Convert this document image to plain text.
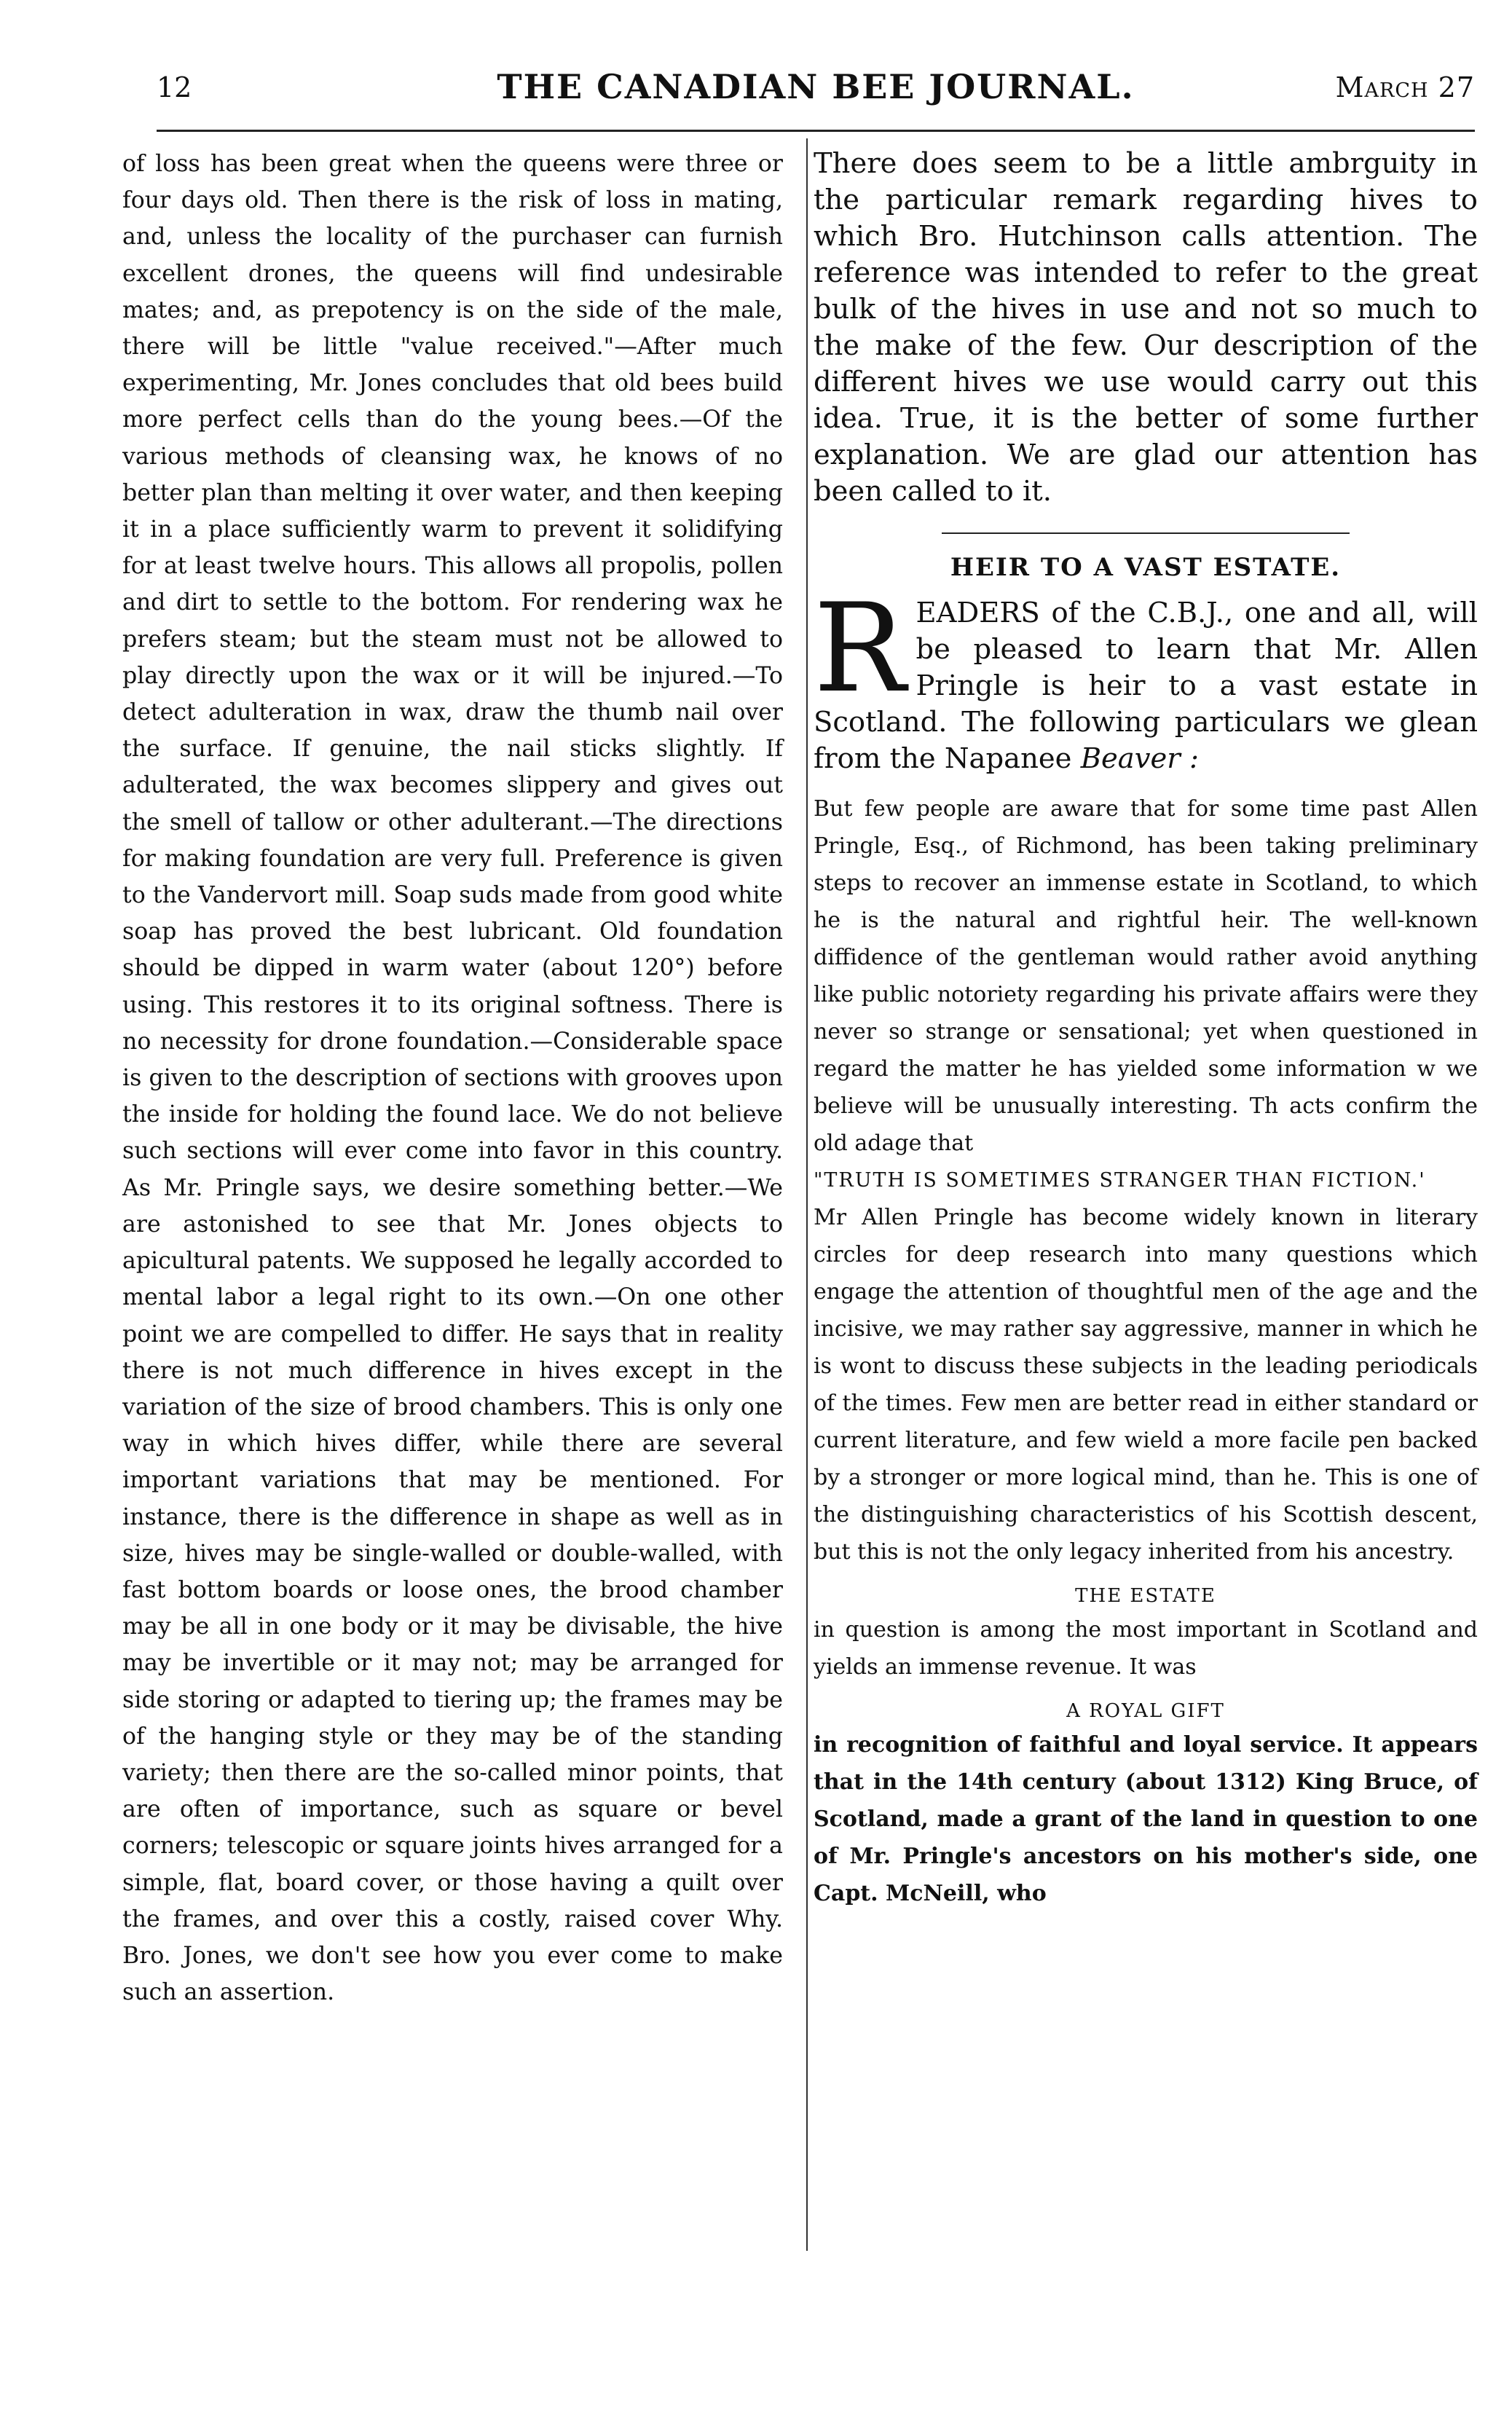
12	THE CANADIAN BEE JOURNAL.	March 27

of loss has been great when the queens were three or four days old. Then there is the risk of loss in mating, and, unless the locality of the purchaser can furnish excellent drones, the queens will find undesirable mates; and, as prepotency is on the side of the male, there will be little "value received."—After much experimenting, Mr. Jones concludes that old bees build more perfect cells than do the young bees.—Of the various methods of cleansing wax, he knows of no better plan than melting it over water, and then keeping it in a place sufficiently warm to prevent it solidifying for at least twelve hours. This allows all propolis, pollen and dirt to settle to the bottom. For rendering wax he prefers steam; but the steam must not be allowed to play directly upon the wax or it will be injured.—To detect adulteration in wax, draw the thumb nail over the surface. If genuine, the nail sticks slightly. If adulterated, the wax becomes slippery and gives out the smell of tallow or other adulterant.—The directions for making foundation are very full. Preference is given to the Vandervort mill. Soap suds made from good white soap has proved the best lubricant. Old foundation should be dipped in warm water (about 120°) before using. This restores it to its original softness. There is no necessity for drone foundation.—Considerable space is given to the description of sections with grooves upon the inside for holding the found lace. We do not believe such sections will ever come into favor in this country. As Mr. Pringle says, we desire something better.—We are astonished to see that Mr. Jones objects to apicultural patents. We supposed he legally accorded to mental labor a legal right to its own.—On one other point we are compelled to differ. He says that in reality there is not much difference in hives except in the variation of the size of brood chambers. This is only one way in which hives differ, while there are several important variations that may be mentioned. For instance, there is the difference in shape as well as in size, hives may be single-walled or double-walled, with fast bottom boards or loose ones, the brood chamber may be all in one body or it may be divisable, the hive may be invertible or it may not; may be arranged for side storing or adapted to tiering up; the frames may be of the hanging style or they may be of the standing variety; then there are the so-called minor points, that are often of importance, such as square or bevel corners; telescopic or square joints hives arranged for a simple, flat, board cover, or those having a quilt over the frames, and over this a costly, raised cover Why. Bro. Jones, we don't see how you ever come to make such an assertion.

There does seem to be a little ambrguity in the particular remark regarding hives to which Bro. Hutchinson calls attention. The reference was intended to refer to the great bulk of the hives in use and not so much to the make of the few. Our description of the different hives we use would carry out this idea. True, it is the better of some further explanation. We are glad our attention has been called to it.

HEIR TO A VAST ESTATE.
R EADERS of the C.B.J., one and all, will be pleased to learn that Mr. Allen Pringle is heir to a vast estate in Scotland. The following particulars we glean from the Napanee Beaver :

But few people are aware that for some time past Allen Pringle, Esq., of Richmond, has been taking preliminary steps to recover an immense estate in Scotland, to which he is the natural and rightful heir. The well-known diffidence of the gentleman would rather avoid anything like public notoriety regarding his private affairs were they never so strange or sensational; yet when questioned in regard the matter he has yielded some information w we believe will be unusually interesting. Th acts confirm the old adage that

"TRUTH IS SOMETIMES STRANGER THAN FICTION.'

Mr Allen Pringle has become widely known in literary circles for deep research into many questions which engage the attention of thoughtful men of the age and the incisive, we may rather say aggressive, manner in which he is wont to discuss these subjects in the leading periodicals of the times. Few men are better read in either standard or current literature, and few wield a more facile pen backed by a stronger or more logical mind, than he. This is one of the distinguishing characteristics of his Scottish descent, but this is not the only legacy inherited from his ancestry.

THE ESTATE

in question is among the most important in Scotland and yields an immense revenue. It was

A ROYAL GIFT

in recognition of faithful and loyal service. It appears that in the 14th century (about 1312) King Bruce, of Scotland, made a grant of the land in question to one of Mr. Pringle's ancestors on his mother's side, one Capt. McNeill, who
